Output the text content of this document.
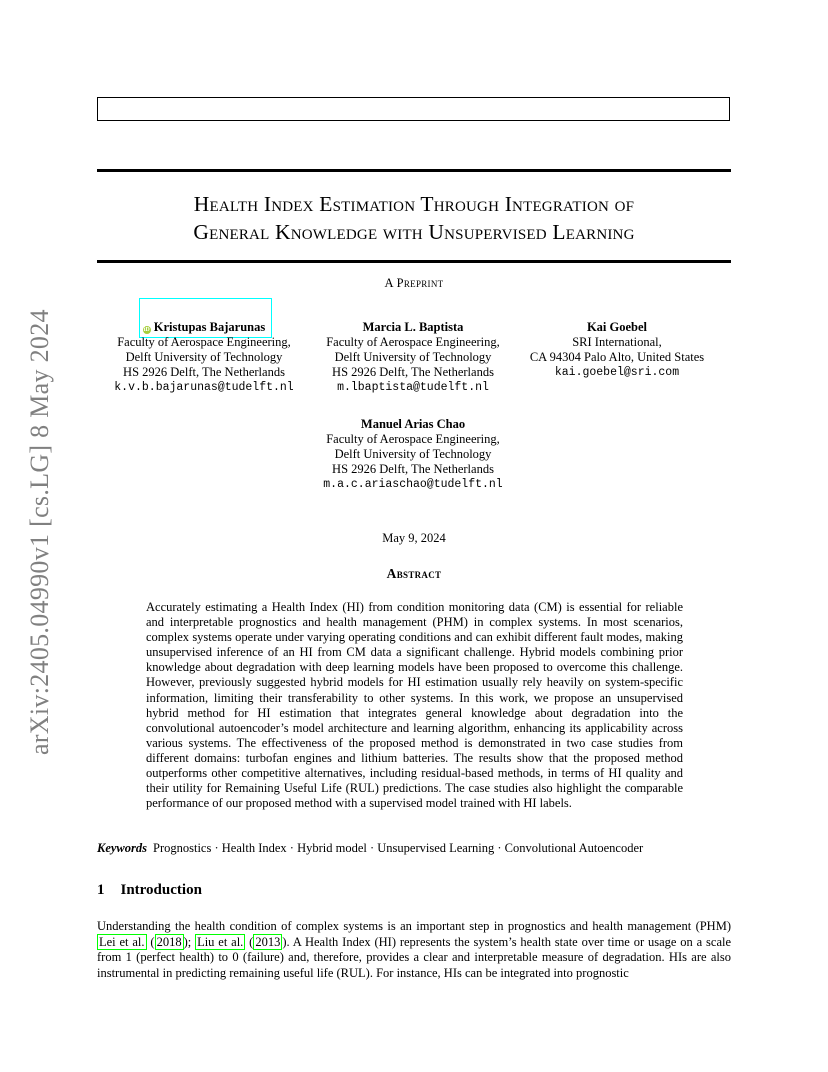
arXiv:2405.04990v1 [cs.LG] 8 May 2024
Health Index Estimation Through Integration of
General Knowledge with Unsupervised Learning
A Preprint
iD Kristupas Bajarunas
Faculty of Aerospace Engineering,
Delft University of Technology
HS 2926 Delft, The Netherlands
k.v.b.bajarunas@tudelft.nl
Marcia L. Baptista
Faculty of Aerospace Engineering,
Delft University of Technology
HS 2926 Delft, The Netherlands
m.lbaptista@tudelft.nl
Kai Goebel
SRI International,
CA 94304 Palo Alto, United States
kai.goebel@sri.com
Manuel Arias Chao
Faculty of Aerospace Engineering,
Delft University of Technology
HS 2926 Delft, The Netherlands
m.a.c.ariaschao@tudelft.nl
May 9, 2024
Abstract
Accurately estimating a Health Index (HI) from condition monitoring data (CM) is essential for reliable and interpretable prognostics and health management (PHM) in complex systems. In most scenarios, complex systems operate under varying operating conditions and can exhibit different fault modes, making unsupervised inference of an HI from CM data a significant challenge. Hybrid models combining prior knowledge about degradation with deep learning models have been proposed to overcome this challenge. However, previously suggested hybrid models for HI estimation usually rely heavily on system-specific information, limiting their transferability to other systems. In this work, we propose an unsupervised hybrid method for HI estimation that integrates general knowledge about degradation into the convolutional autoencoder’s model architecture and learning algorithm, enhancing its applicability across various systems. The effectiveness of the proposed method is demonstrated in two case studies from different domains: turbofan engines and lithium batteries. The results show that the proposed method outperforms other competitive alternatives, including residual-based methods, in terms of HI quality and their utility for Remaining Useful Life (RUL) predictions. The case studies also highlight the comparable performance of our proposed method with a supervised model trained with HI labels.
Keywords Prognostics · Health Index · Hybrid model · Unsupervised Learning · Convolutional Autoencoder
1 Introduction
Understanding the health condition of complex systems is an important step in prognostics and health management (PHM) Lei et al. ( 2018 ); Liu et al. ( 2013 ). A Health Index (HI) represents the system’s health state over time or usage on a scale from 1 (perfect health) to 0 (failure) and, therefore, provides a clear and interpretable measure of degradation. HIs are also instrumental in predicting remaining useful life (RUL). For instance, HIs can be integrated into prognostic
